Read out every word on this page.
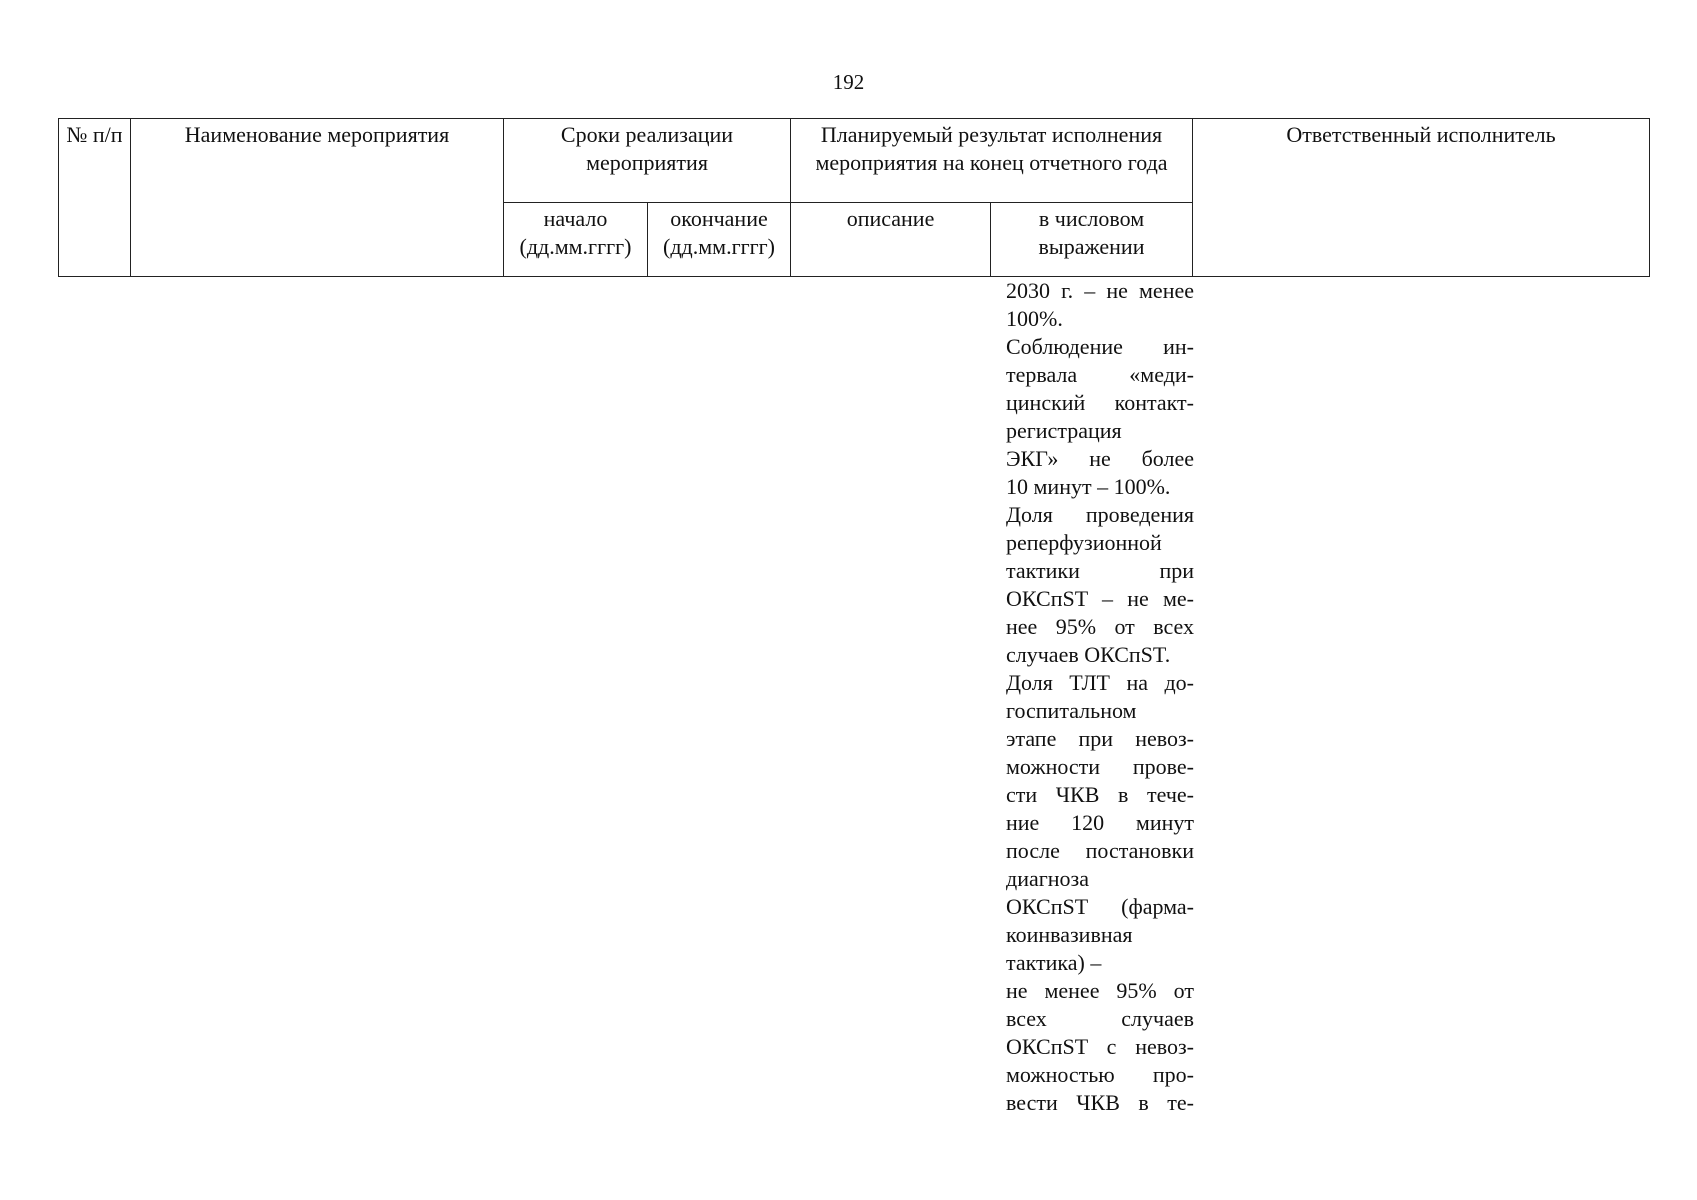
192
№ п/п	Наименование мероприятия	Сроки реализации мероприятия		Планируемый результат исполнения мероприятия на конец отчетного года		Ответственный исполнитель
		начало (дд.мм.гггг)	окончание (дд.мм.гггг)	описание	в числовом выражении	
2030 г. – не менее
100%.
Соблюдение ин-
тервала «меди-
цинский контакт-
регистрация
ЭКГ» не более
10 минут – 100%.
Доля проведения
реперфузионной
тактики при
ОКСпST – не ме-
нее 95% от всех
случаев ОКСпST.
Доля ТЛТ на до-
госпитальном
этапе при невоз-
можности прове-
сти ЧКВ в тече-
ние 120 минут
после постановки
диагноза
ОКСпST (фарма-
коинвазивная
тактика) –
не менее 95% от
всех случаев
ОКСпST с невоз-
можностью про-
вести ЧКВ в те-
